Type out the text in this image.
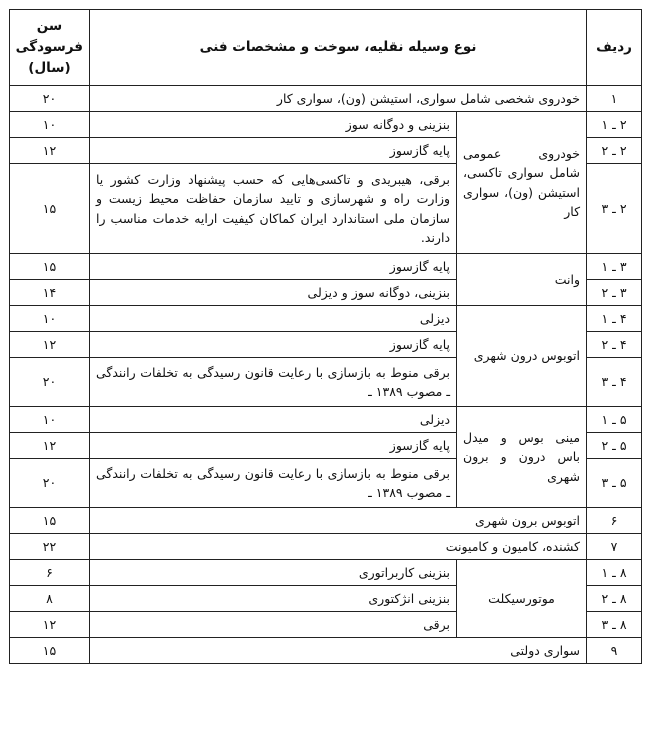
ردیف	نوع وسیله نقلیه، سوخت و مشخصات فنی		سن
فرسودگی
(سال)

۱	خودروی شخصی شامل سواری، استیشن (ون)، سواری کار		۲۰
۲ ـ ۱	خودروی عمومی شامل سواری تاکسی، استیشن (ون)، سواری کار	بنزینی و دوگانه سوز	۱۰
۲ ـ ۲		پایه گازسوز	۱۲
۲ ـ ۳		برقی، هیبریدی و تاکسی‌هایی که حسب پیشنهاد وزارت کشور یا وزارت راه و شهرسازی و تایید سازمان حفاظت محیط زیست و سازمان ملی استاندارد ایران کماکان کیفیت ارایه خدمات مناسب را دارند.	۱۵
۳ ـ ۱	وانت	پایه گازسوز	۱۵
۳ ـ ۲		بنزینی، دوگانه سوز و دیزلی	۱۴
۴ ـ ۱	اتوبوس درون شهری	دیزلی	۱۰
۴ ـ ۲		پایه گازسوز	۱۲
۴ ـ ۳		برقی منوط به بازسازی با رعایت قانون رسیدگی به تخلفات رانندگی ـ مصوب ۱۳۸۹ ـ	۲۰
۵ ـ ۱	مینی بوس و میدل باس درون و برون شهری	دیزلی	۱۰
۵ ـ ۲		پایه گازسوز	۱۲
۵ ـ ۳		برقی منوط به بازسازی با رعایت قانون رسیدگی به تخلفات رانندگی ـ مصوب ۱۳۸۹ ـ	۲۰
۶	اتوبوس برون شهری		۱۵
۷	کشنده، کامیون و کامیونت		۲۲
۸ ـ ۱	موتورسیکلت	بنزینی کاربراتوری	۶
۸ ـ ۲		بنزینی انژکتوری	۸
۸ ـ ۳		برقی	۱۲
۹	سواری دولتی		۱۵
